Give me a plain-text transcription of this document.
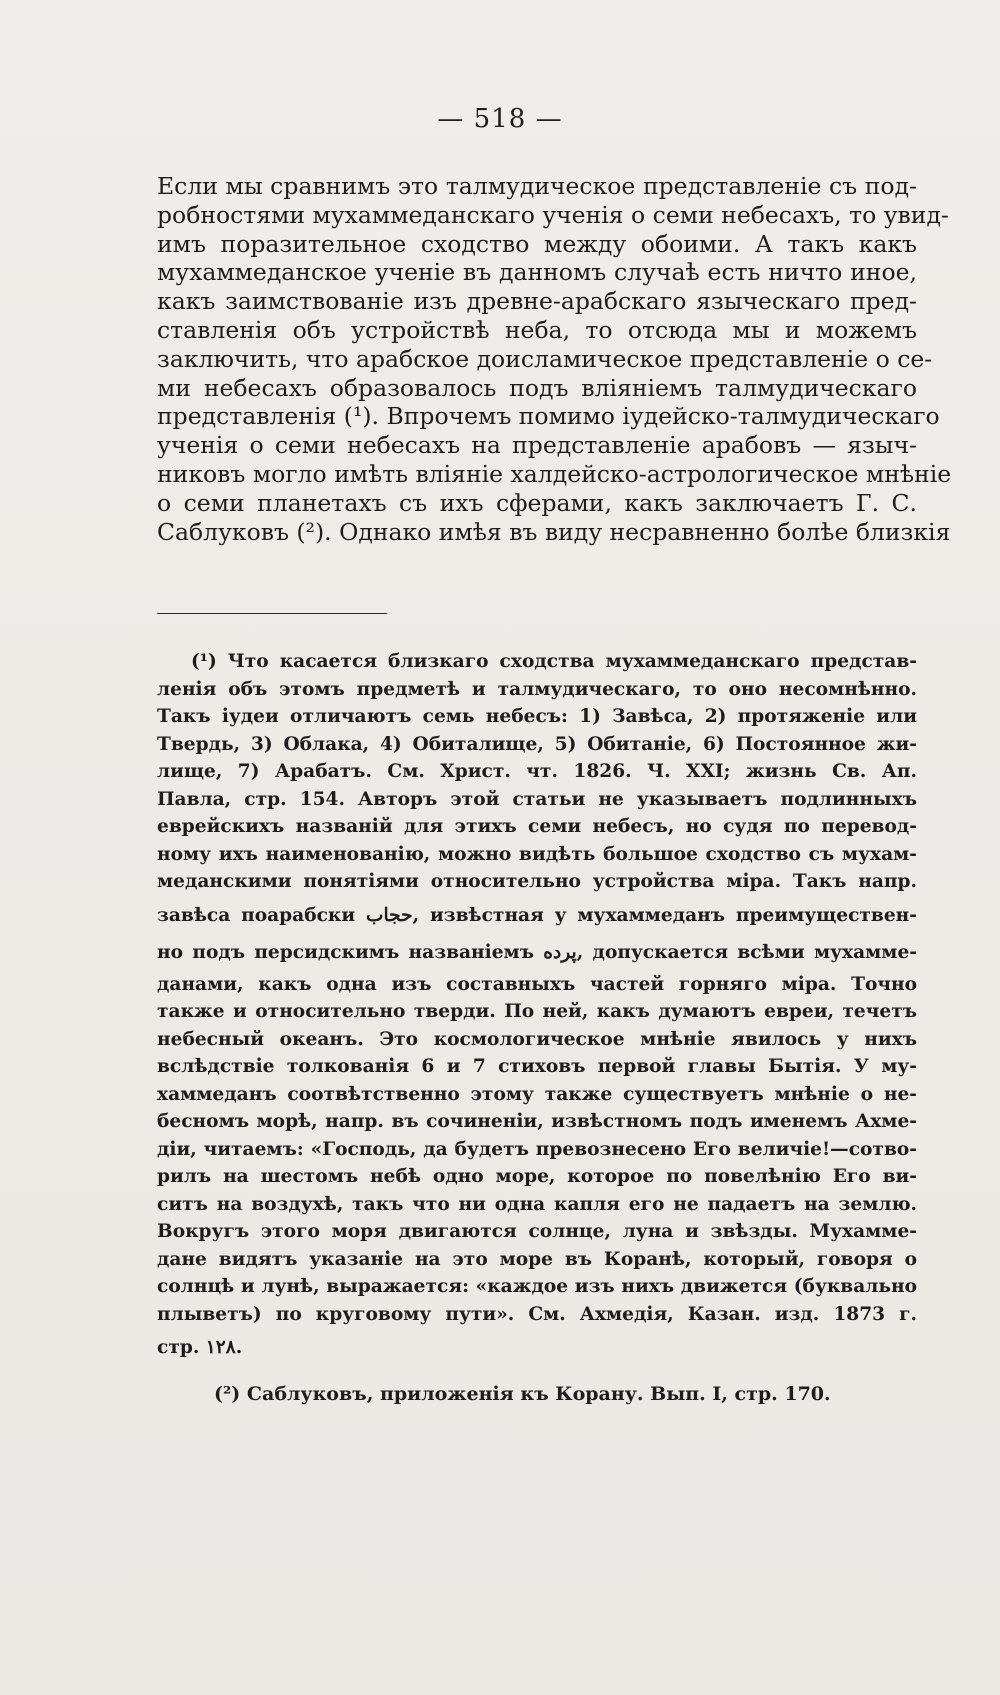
— 518 —
Если мы сравнимъ это талмудическое представленіе съ под-
робностями мухаммеданскаго ученія о семи небесахъ, то увид-
имъ поразительное сходство между обоими. А такъ какъ
мухаммеданское ученіе въ данномъ случаѣ есть ничто иное,
какъ заимствованіе изъ древне-арабскаго языческаго пред-
ставленія объ устройствѣ неба, то отсюда мы и можемъ
заключить, что арабское доисламическое представленіе о се-
ми небесахъ образовалось подъ вліяніемъ талмудическаго
представленія (¹). Впрочемъ помимо іудейско-талмудическаго
ученія о семи небесахъ на представленіе арабовъ — языч-
никовъ могло имѣть вліяніе халдейско-астрологическое мнѣніе
о семи планетахъ съ ихъ сферами, какъ заключаетъ Г. С.
Саблуковъ (²). Однако имѣя въ виду несравненно болѣе близкія
(¹) Что касается близкаго сходства мухаммеданскаго представ-
ленія объ этомъ предметѣ и талмудическаго, то оно несомнѣнно.
Такъ іудеи отличаютъ семь небесъ: 1) Завѣса, 2) протяженіе или
Твердь, 3) Облака, 4) Обиталище, 5) Обитаніе, 6) Постоянное жи-
лище, 7) Арабатъ. См. Христ. чт. 1826. Ч. XXI; жизнь Св. Ап.
Павла, стр. 154. Авторъ этой статьи не указываетъ подлинныхъ
еврейскихъ названій для этихъ семи небесъ, но судя по перевод-
ному ихъ наименованію, можно видѣть большое сходство съ мухам-
меданскими понятіями относительно устройства міра. Такъ напр.
завѣса поарабски حجاب, извѣстная у мухаммеданъ преимуществен-
но подъ персидскимъ названіемъ پرده, допускается всѣми мухамме-
данами, какъ одна изъ составныхъ частей горняго міра. Точно
также и относительно тверди. По ней, какъ думаютъ евреи, течетъ
небесный океанъ. Это космологическое мнѣніе явилось у нихъ
вслѣдствіе толкованія 6 и 7 стиховъ первой главы Бытія. У му-
хаммеданъ соотвѣтственно этому также существуетъ мнѣніе о не-
бесномъ морѣ, напр. въ сочиненіи, извѣстномъ подъ именемъ Ахме-
діи, читаемъ: «Господь, да будетъ превознесено Его величіе!—сотво-
рилъ на шестомъ небѣ одно море, которое по повелѣнію Его ви-
ситъ на воздухѣ, такъ что ни одна капля его не падаетъ на землю.
Вокругъ этого моря двигаются солнце, луна и звѣзды. Мухамме-
дане видятъ указаніе на это море въ Коранѣ, который, говоря о
солнцѣ и лунѣ, выражается: «каждое изъ нихъ движется (буквально
плыветъ) по круговому пути». См. Ахмедія, Казан. изд. 1873 г.
стр. ١٢٨.
(²) Саблуковъ, приложенія къ Корану. Вып. I, стр. 170.
